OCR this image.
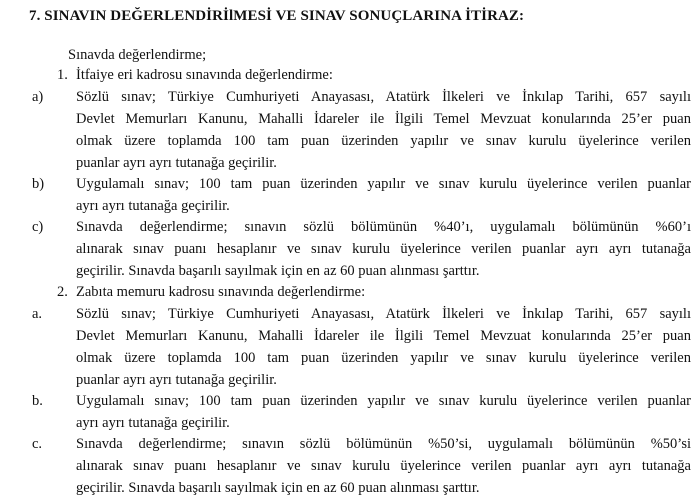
7. SINAVIN DEĞERLENDİRİlMESİ VE SINAV SONUÇLARINA İTİRAZ:
Sınavda değerlendirme;
1. İtfaiye eri kadrosu sınavında değerlendirme:
a) Sözlü sınav; Türkiye Cumhuriyeti Anayasası, Atatürk İlkeleri ve İnkılap Tarihi, 657 sayılı
Devlet Memurları Kanunu, Mahalli İdareler ile İlgili Temel Mevzuat konularında 25’er puan
olmak üzere toplamda 100 tam puan üzerinden yapılır ve sınav kurulu üyelerince verilen
puanlar ayrı ayrı tutanağa geçirilir.
b) Uygulamalı sınav; 100 tam puan üzerinden yapılır ve sınav kurulu üyelerince verilen puanlar
ayrı ayrı tutanağa geçirilir.
c) Sınavda değerlendirme; sınavın sözlü bölümünün %40’ı, uygulamalı bölümünün %60’ı
alınarak sınav puanı hesaplanır ve sınav kurulu üyelerince verilen puanlar ayrı ayrı tutanağa
geçirilir. Sınavda başarılı sayılmak için en az 60 puan alınması şarttır.
2. Zabıta memuru kadrosu sınavında değerlendirme:
a. Sözlü sınav; Türkiye Cumhuriyeti Anayasası, Atatürk İlkeleri ve İnkılap Tarihi, 657 sayılı
Devlet Memurları Kanunu, Mahalli İdareler ile İlgili Temel Mevzuat konularında 25’er puan
olmak üzere toplamda 100 tam puan üzerinden yapılır ve sınav kurulu üyelerince verilen
puanlar ayrı ayrı tutanağa geçirilir.
b. Uygulamalı sınav; 100 tam puan üzerinden yapılır ve sınav kurulu üyelerince verilen puanlar
ayrı ayrı tutanağa geçirilir.
c. Sınavda değerlendirme; sınavın sözlü bölümünün %50’si, uygulamalı bölümünün %50’si
alınarak sınav puanı hesaplanır ve sınav kurulu üyelerince verilen puanlar ayrı ayrı tutanağa
geçirilir. Sınavda başarılı sayılmak için en az 60 puan alınması şarttır.
